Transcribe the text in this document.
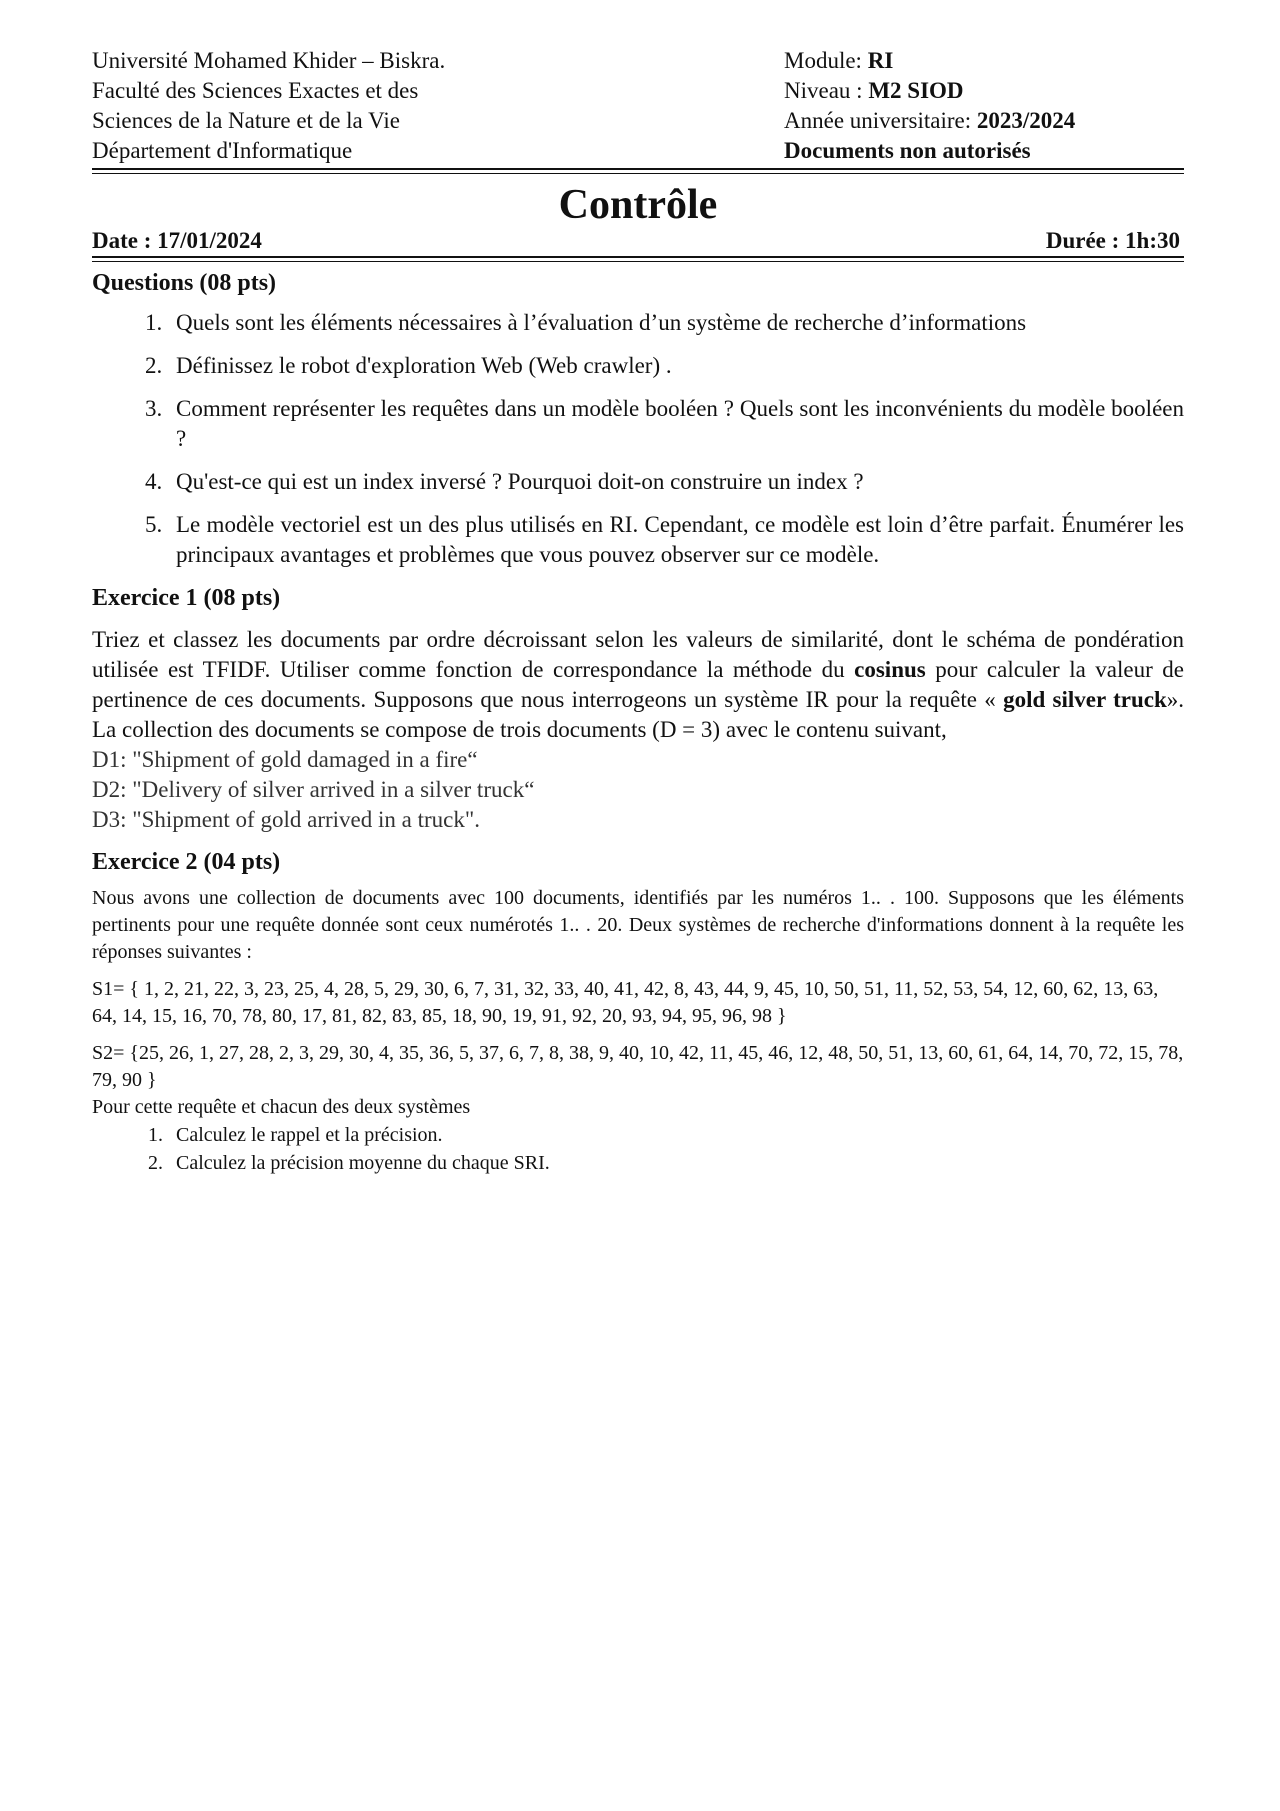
Université Mohamed Khider – Biskra.
Faculté des Sciences Exactes et des
Sciences de la Nature et de la Vie
Département d'Informatique
Module: RI
Niveau : M2 SIOD
Année universitaire: 2023/2024
Documents non autorisés
Contrôle
Date : 17/01/2024	Durée : 1h:30
Questions (08 pts)
1. Quels sont les éléments nécessaires à l’évaluation d’un système de recherche d’informations
2. Définissez le robot d'exploration Web (Web crawler) .
3. Comment représenter les requêtes dans un modèle booléen ? Quels sont les inconvénients du modèle booléen ?
4. Qu'est-ce qui est un index inversé ? Pourquoi doit-on construire un index ?
5. Le modèle vectoriel est un des plus utilisés en RI. Cependant, ce modèle est loin d’être parfait. Énumérer les principaux avantages et problèmes que vous pouvez observer sur ce modèle.
Exercice 1 (08 pts)
Triez et classez les documents par ordre décroissant selon les valeurs de similarité, dont le schéma de pondération utilisée est TFIDF. Utiliser comme fonction de correspondance la méthode du cosinus pour calculer la valeur de pertinence de ces documents. Supposons que nous interrogeons un système IR pour la requête « gold silver truck». La collection des documents se compose de trois documents (D = 3) avec le contenu suivant,
D1: "Shipment of gold damaged in a fire“
D2: "Delivery of silver arrived in a silver truck“
D3: "Shipment of gold arrived in a truck".
Exercice 2 (04 pts)
Nous avons une collection de documents avec 100 documents, identifiés par les numéros 1.. . 100. Supposons que les éléments pertinents pour une requête donnée sont ceux numérotés 1.. . 20. Deux systèmes de recherche d'informations donnent à la requête les réponses suivantes :
S1= { 1, 2, 21, 22, 3, 23, 25, 4, 28, 5, 29, 30, 6, 7, 31, 32, 33, 40, 41, 42, 8, 43, 44, 9, 45, 10, 50, 51, 11, 52, 53, 54, 12, 60, 62, 13, 63, 64, 14, 15, 16, 70, 78, 80, 17, 81, 82, 83, 85, 18, 90, 19, 91, 92, 20, 93, 94, 95, 96, 98 }
S2= {25, 26, 1, 27, 28, 2, 3, 29, 30, 4, 35, 36, 5, 37, 6, 7, 8, 38, 9, 40, 10, 42, 11, 45, 46, 12, 48, 50, 51, 13, 60, 61, 64, 14, 70, 72, 15, 78, 79, 90 }
Pour cette requête et chacun des deux systèmes
1. Calculez le rappel et la précision.
2. Calculez la précision moyenne du chaque SRI.
